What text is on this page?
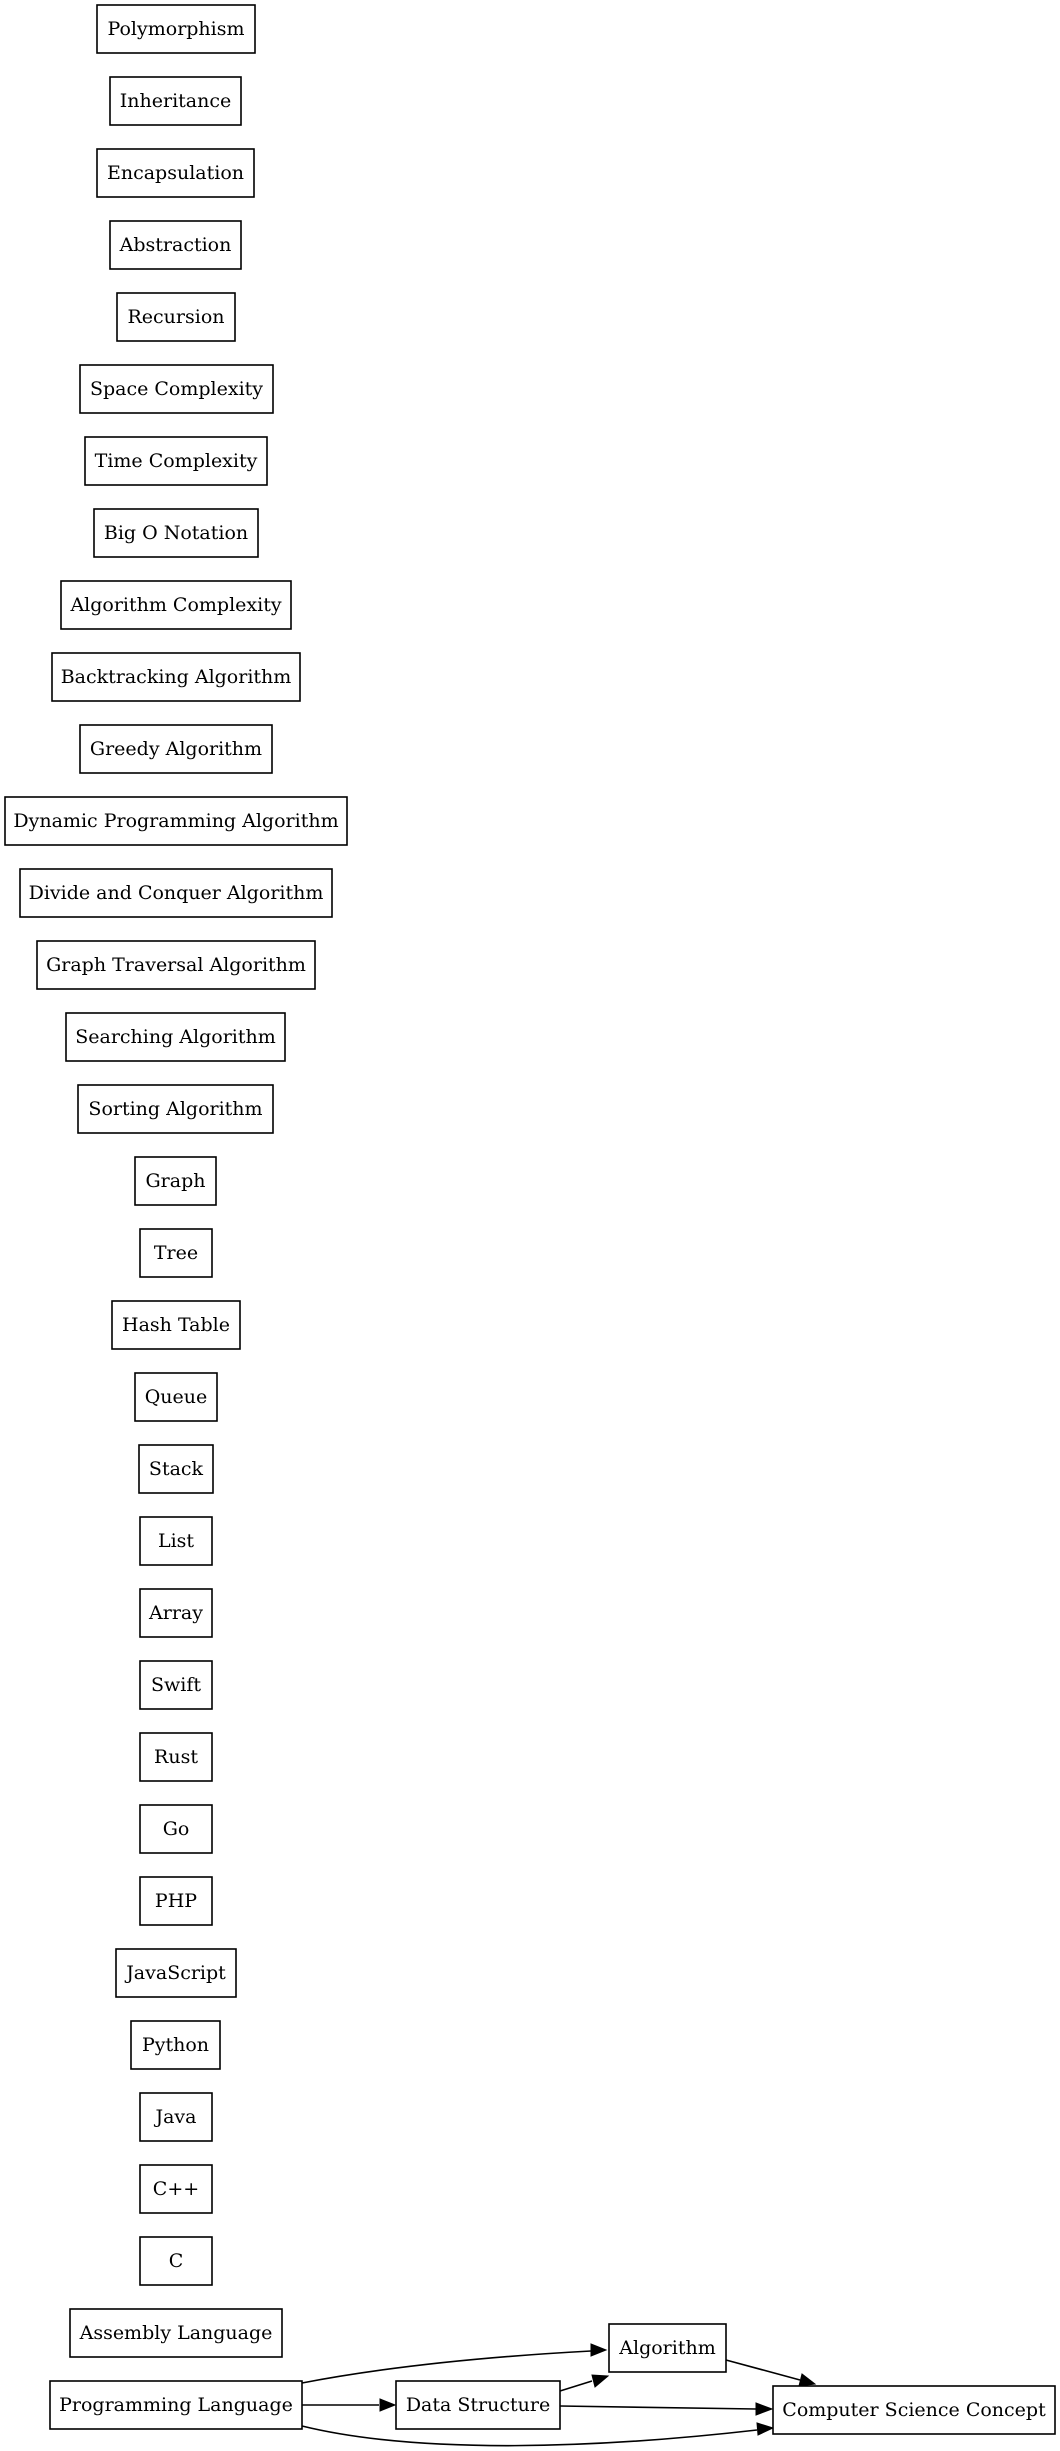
Polymorphism
Inheritance
Encapsulation
Abstraction
Recursion
Space Complexity
Time Complexity
Big O Notation
Algorithm Complexity
Backtracking Algorithm
Greedy Algorithm
Dynamic Programming Algorithm
Divide and Conquer Algorithm
Graph Traversal Algorithm
Searching Algorithm
Sorting Algorithm
Graph
Tree
Hash Table
Queue
Stack
List
Array
Swift
Rust
Go
PHP
JavaScript
Python
Java
C++
C
Assembly Language
Programming Language	Data Structure
Algorithm
Computer Science Concept
